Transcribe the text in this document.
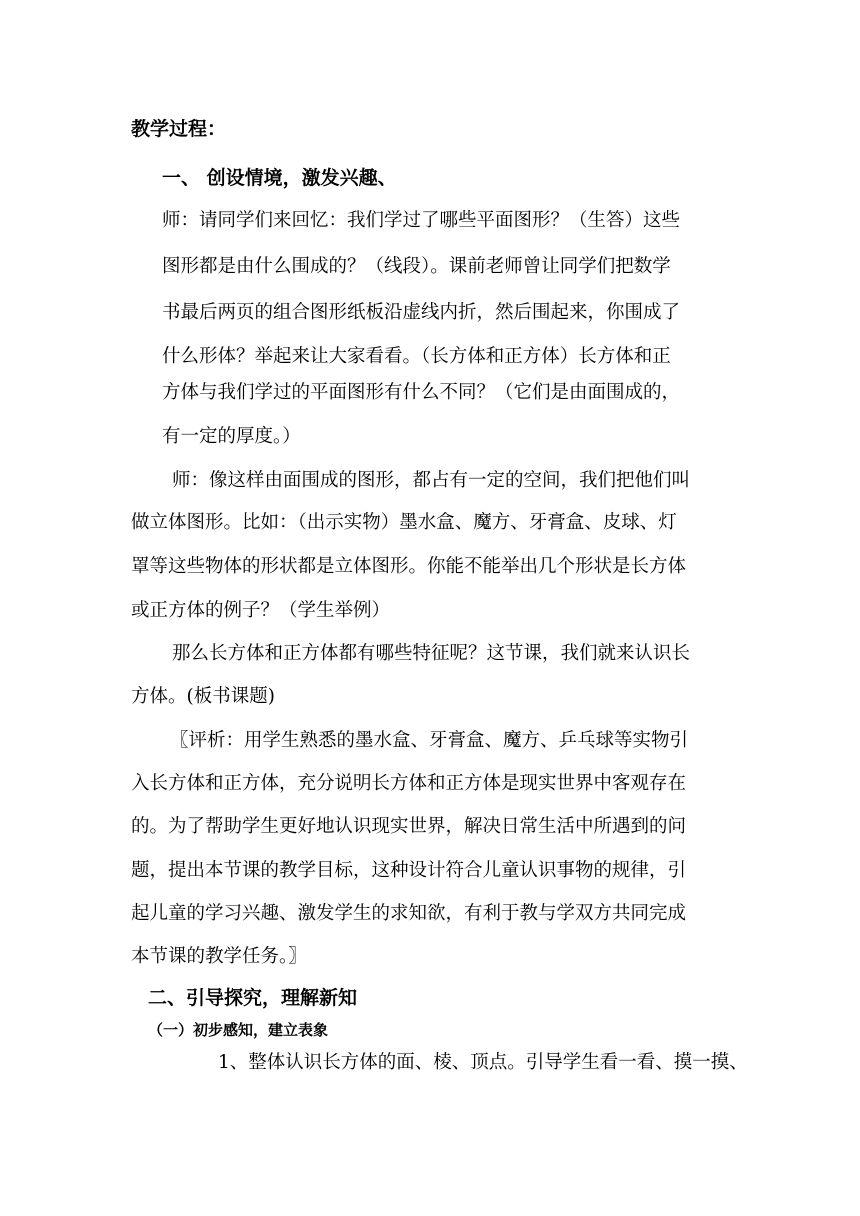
教学过程：
一、 创设情境，激发兴趣、
师：请同学们来回忆：我们学过了哪些平面图形？（生答）这些
图形都是由什么围成的？（线段）。课前老师曾让同学们把数学
书最后两页的组合图形纸板沿虚线内折，然后围起来，你围成了
什么形体？举起来让大家看看。（长方体和正方体）长方体和正
方体与我们学过的平面图形有什么不同？（它们是由面围成的，
有一定的厚度。）
师：像这样由面围成的图形，都占有一定的空间，我们把他们叫
做立体图形。比如：（出示实物）墨水盒、魔方、牙膏盒、皮球、灯
罩等这些物体的形状都是立体图形。你能不能举出几个形状是长方体
或正方体的例子？（学生举例）
那么长方体和正方体都有哪些特征呢？这节课，我们就来认识长
方体。(板书课题)
〖评析：用学生熟悉的墨水盒、牙膏盒、魔方、乒乓球等实物引
入长方体和正方体，充分说明长方体和正方体是现实世界中客观存在
的。为了帮助学生更好地认识现实世界，解决日常生活中所遇到的问
题，提出本节课的教学目标，这种设计符合儿童认识事物的规律，引
起儿童的学习兴趣、激发学生的求知欲，有利于教与学双方共同完成
本节课的教学任务。〗
二、引导探究，理解新知
（一）初步感知，建立表象
1、整体认识长方体的面、棱、顶点。引导学生看一看、摸一摸、
